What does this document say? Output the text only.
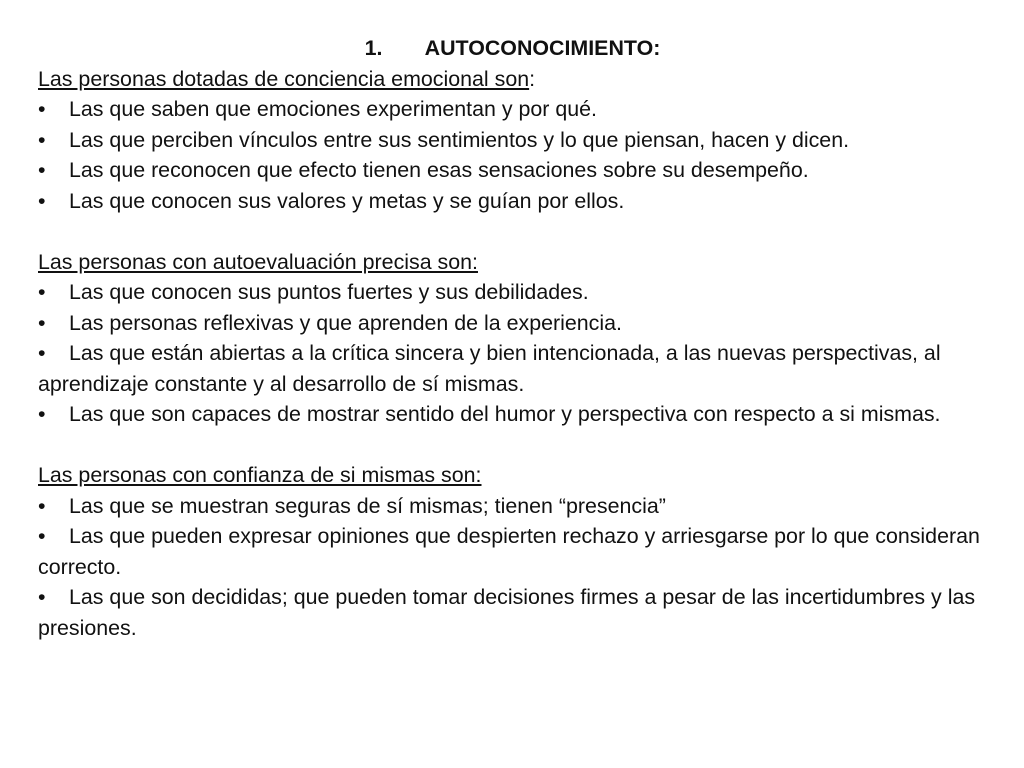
1. AUTOCONOCIMIENTO:
Las personas dotadas de conciencia emocional son:
• Las que saben que emociones experimentan y por qué.
• Las que perciben vínculos entre sus sentimientos y lo que piensan, hacen y dicen.
• Las que reconocen que efecto tienen esas sensaciones sobre su desempeño.
• Las que conocen sus valores y metas y se guían por ellos.
Las personas con autoevaluación precisa son:
• Las que conocen sus puntos fuertes y sus debilidades.
• Las personas reflexivas y que aprenden de la experiencia.
• Las que están abiertas a la crítica sincera y bien intencionada, a las nuevas perspectivas, al aprendizaje constante y al desarrollo de sí mismas.
• Las que son capaces de mostrar sentido del humor y perspectiva con respecto a si mismas.
Las personas con confianza de si mismas son:
• Las que se muestran seguras de sí mismas; tienen “presencia”
• Las que pueden expresar opiniones que despierten rechazo y arriesgarse por lo que consideran correcto.
• Las que son decididas; que pueden tomar decisiones firmes a pesar de las incertidumbres y las presiones.
